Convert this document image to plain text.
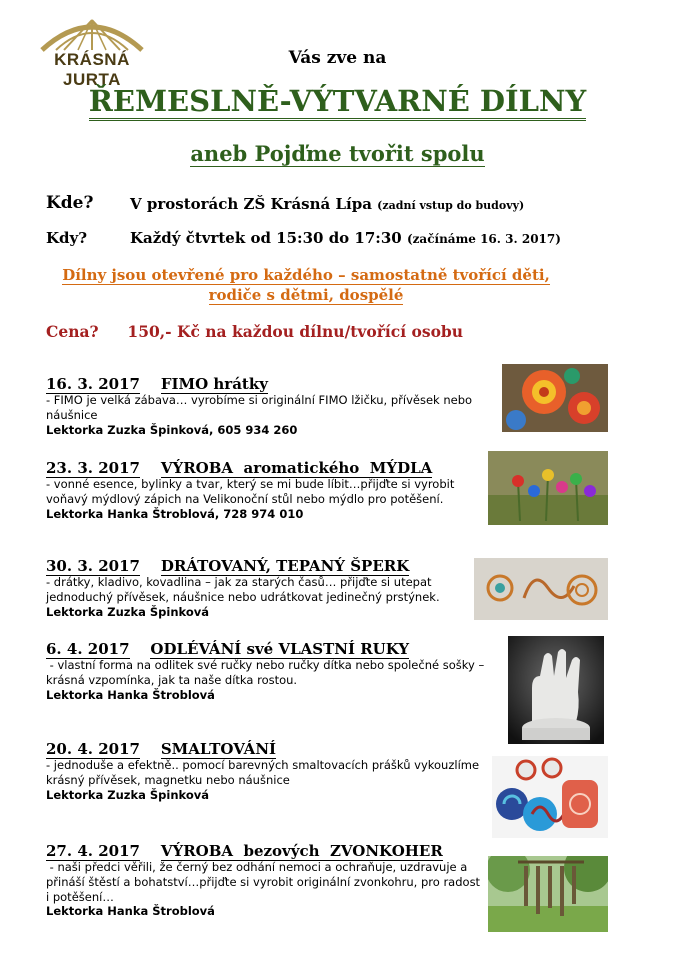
KRÁSNÁ JURTA
Vás zve na
ŘEMESLNĚ-VÝTVARNÉ DÍLNY
aneb Pojďme tvořit spolu
Kde? V prostorách ZŠ Krásná Lípa (zadní vstup do budovy)
Kdy?	Každý čtvrtek od 15:30 do 17:30 (začínáme 16. 3. 2017)
Dílny jsou otevřené pro každého – samostatně tvořící děti,
rodiče s dětmi, dospělé
Cena? 150,- Kč na každou dílnu/tvořící osobu
16. 3. 2017 FIMO hrátky
- FIMO je velká zábava… vyrobíme si originální FIMO lžičku, přívěsek nebo náušnice
Lektorka Zuzka Špinková, 605 934 260
23. 3. 2017 VÝROBA  aromatického  MÝDLA
- vonné esence, bylinky a tvar, který se mi bude líbit…přijďte si vyrobit voňavý mýdlový zápich na Velikonoční stůl nebo mýdlo pro potěšení.
Lektorka Hanka Štroblová, 728 974 010
30. 3. 2017 DRÁTOVANÝ, TEPANÝ ŠPERK
- drátky, kladivo, kovadlina – jak za starých časů… přijďte si utepat jednoduchý přívěsek, náušnice nebo udrátkovat jedinečný prstýnek. Lektorka Zuzka Špinková
6. 4. 2017 ODLÉVÁNÍ své VLASTNÍ RUKY
- vlastní forma na odlitek své ručky nebo ručky dítka nebo společné sošky – krásná vzpomínka, jak ta naše dítka rostou.
Lektorka Hanka Štroblová
20. 4. 2017 SMALTOVÁNÍ
- jednoduše a efektně.. pomocí barevných smaltovacích prášků vykouzlíme krásný přívěsek, magnetku nebo náušnice
Lektorka Zuzka Špinková
27. 4. 2017 VÝROBA  bezových  ZVONKOHER
- naši předci věřili, že černý bez odhání nemoci a ochraňuje, uzdravuje a přináší štěstí a bohatství…přijďte si vyrobit originální zvonkohru, pro radost i potěšení…
Lektorka Hanka Štroblová
